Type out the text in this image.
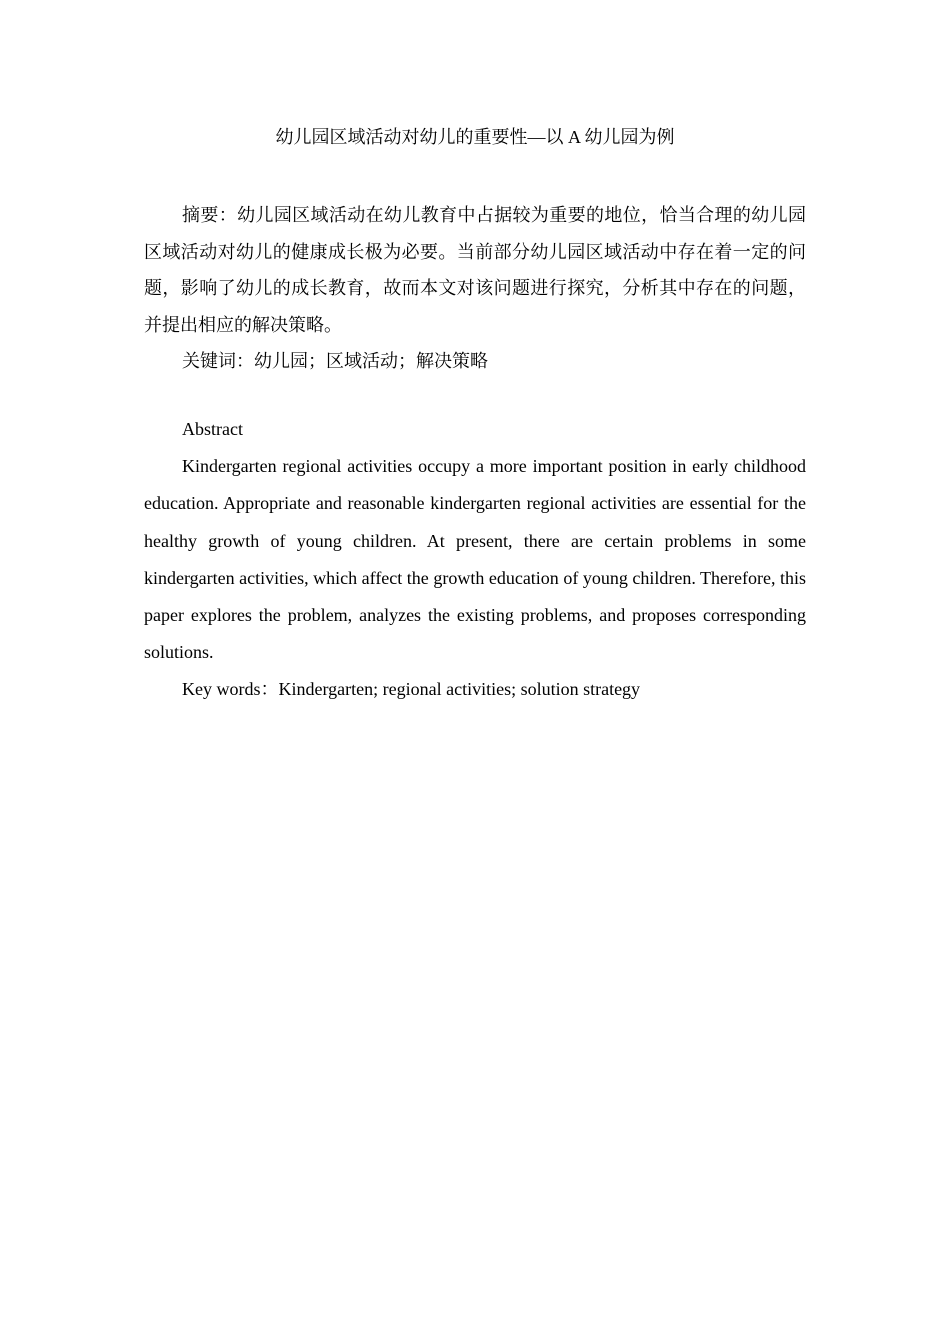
幼儿园区域活动对幼儿的重要性—以 A 幼儿园为例

摘要：幼儿园区域活动在幼儿教育中占据较为重要的地位，恰当合理的幼儿园区域活动对幼儿的健康成长极为必要。当前部分幼儿园区域活动中存在着一定的问题，影响了幼儿的成长教育，故而本文对该问题进行探究，分析其中存在的问题，并提出相应的解决策略。

关键词：幼儿园；区域活动；解决策略

Abstract

Kindergarten regional activities occupy a more important position in early childhood education. Appropriate and reasonable kindergarten regional activities are essential for the healthy growth of young children. At present, there are certain problems in some kindergarten activities, which affect the growth education of young children. Therefore, this paper explores the problem, analyzes the existing problems, and proposes corresponding solutions.

Key words：Kindergarten; regional activities; solution strategy
